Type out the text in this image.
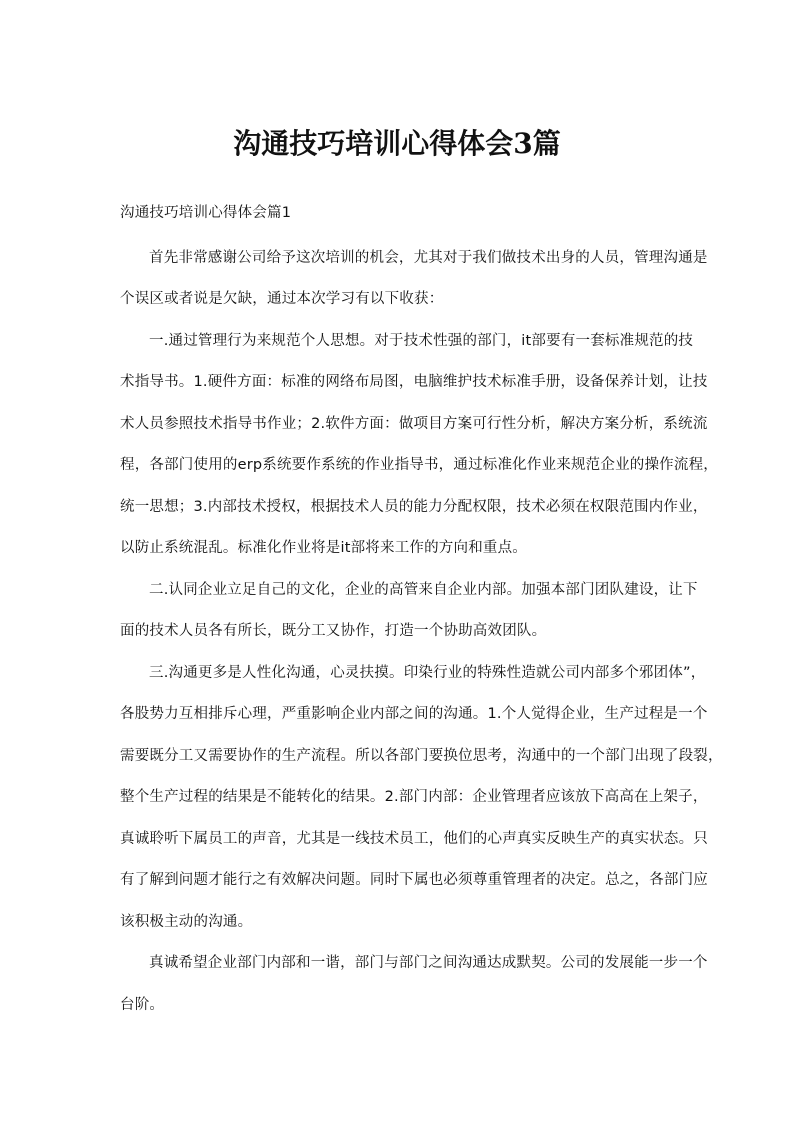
沟通技巧培训心得体会3篇

沟通技巧培训心得体会篇1

首先非常感谢公司给予这次培训的机会，尤其对于我们做技术出身的人员，管理沟通是
个误区或者说是欠缺，通过本次学习有以下收获：
一.通过管理行为来规范个人思想。对于技术性强的部门，it部要有一套标准规范的技
术指导书。1.硬件方面：标准的网络布局图，电脑维护技术标准手册，设备保养计划，让技
术人员参照技术指导书作业；2.软件方面：做项目方案可行性分析，解决方案分析，系统流
程，各部门使用的erp系统要作系统的作业指导书，通过标准化作业来规范企业的操作流程，
统一思想；3.内部技术授权，根据技术人员的能力分配权限，技术必须在权限范围内作业，
以防止系统混乱。标准化作业将是it部将来工作的方向和重点。
二.认同企业立足自己的文化，企业的高管来自企业内部。加强本部门团队建设，让下
面的技术人员各有所长，既分工又协作，打造一个协助高效团队。
三.沟通更多是人性化沟通，心灵扶摸。印染行业的特殊性造就公司内部多个邪团体”，
各股势力互相排斥心理，严重影响企业内部之间的沟通。1.个人觉得企业，生产过程是一个
需要既分工又需要协作的生产流程。所以各部门要换位思考，沟通中的一个部门出现了段裂，
整个生产过程的结果是不能转化的结果。2.部门内部：企业管理者应该放下高高在上架子，
真诚聆听下属员工的声音，尤其是一线技术员工，他们的心声真实反映生产的真实状态。只
有了解到问题才能行之有效解决问题。同时下属也必须尊重管理者的决定。总之，各部门应
该积极主动的沟通。
真诚希望企业部门内部和一谐，部门与部门之间沟通达成默契。公司的发展能一步一个
台阶。
